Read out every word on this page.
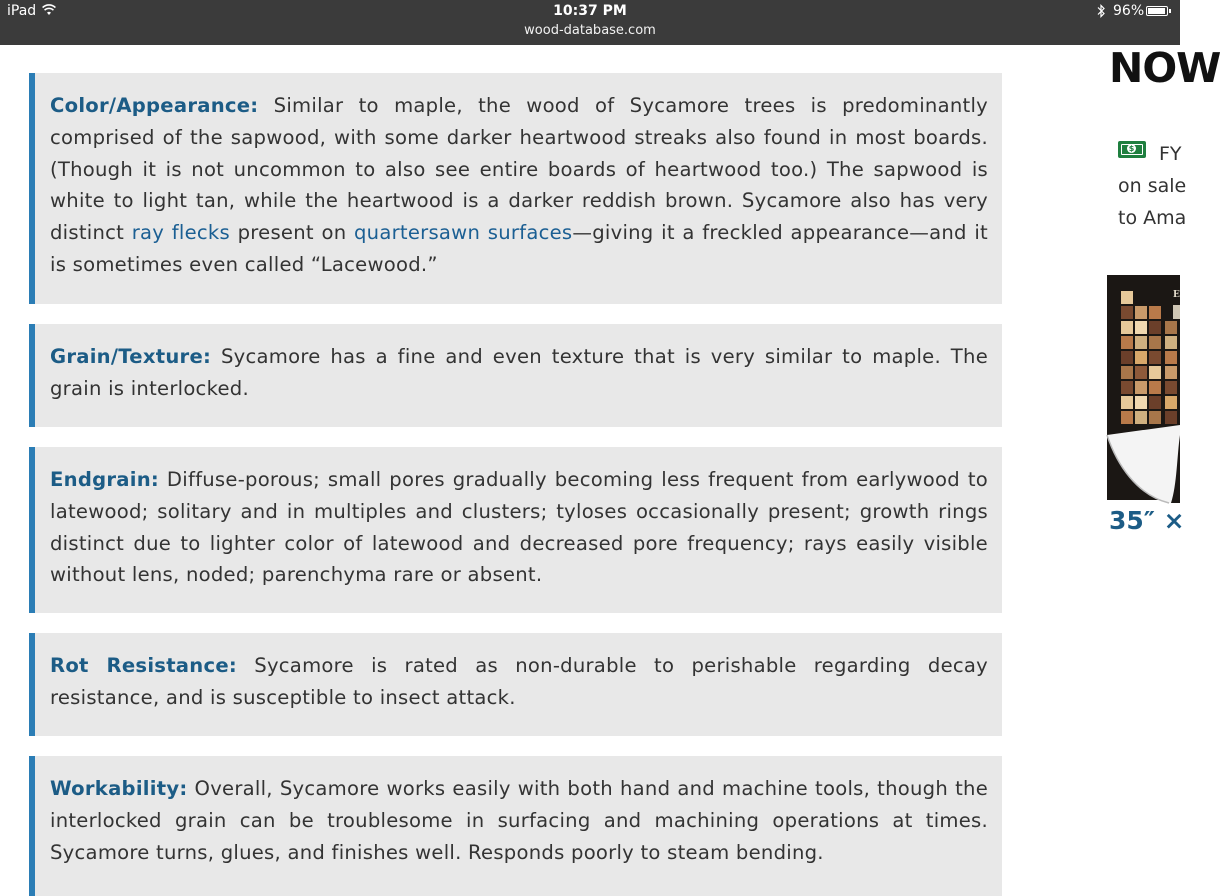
iPad	10:37 PM
wood-database.com
96%

Color/Appearance: Similar to maple, the wood of Sycamore trees is predominantly comprised of the sapwood, with some darker heartwood streaks also found in most boards. (Though it is not uncommon to also see entire boards of heartwood too.) The sapwood is white to light tan, while the heartwood is a darker reddish brown. Sycamore also has very distinct ray flecks present on quartersawn surfaces—giving it a freckled appearance—and it is sometimes even called “Lacewood.”

Grain/Texture: Sycamore has a fine and even texture that is very similar to maple. The grain is interlocked.

Endgrain: Diffuse-porous; small pores gradually becoming less frequent from earlywood to latewood; solitary and in multiples and clusters; tyloses occasionally present; growth rings distinct due to lighter color of latewood and decreased pore frequency; rays easily visible without lens, noded; parenchyma rare or absent.

Rot Resistance: Sycamore is rated as non-durable to perishable regarding decay resistance, and is susceptible to insect attack.

Workability: Overall, Sycamore works easily with both hand and machine tools, though the interlocked grain can be troublesome in surfacing and machining operations at times. Sycamore turns, glues, and finishes well. Responds poorly to steam bending.

NOW
$ FY
on sale
to Ama
E
35″ ×
